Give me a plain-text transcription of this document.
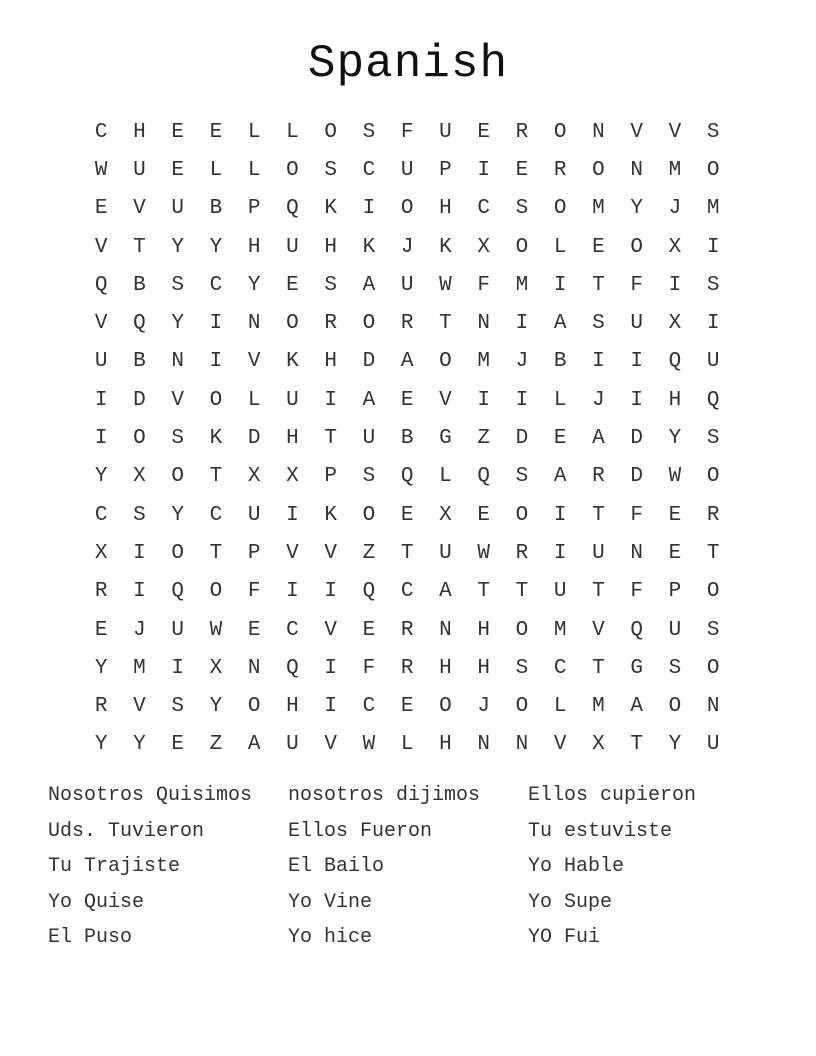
Spanish
C	H	E	E	L	L	O	S	F	U	E	R	O	N	V	V	S
W	U	E	L	L	O	S	C	U	P	I	E	R	O	N	M	O
E	V	U	B	P	Q	K	I	O	H	C	S	O	M	Y	J	M
V	T	Y	Y	H	U	H	K	J	K	X	O	L	E	O	X	I
Q	B	S	C	Y	E	S	A	U	W	F	M	I	T	F	I	S
V	Q	Y	I	N	O	R	O	R	T	N	I	A	S	U	X	I
U	B	N	I	V	K	H	D	A	O	M	J	B	I	I	Q	U
I	D	V	O	L	U	I	A	E	V	I	I	L	J	I	H	Q
I	O	S	K	D	H	T	U	B	G	Z	D	E	A	D	Y	S
Y	X	O	T	X	X	P	S	Q	L	Q	S	A	R	D	W	O
C	S	Y	C	U	I	K	O	E	X	E	O	I	T	F	E	R
X	I	O	T	P	V	V	Z	T	U	W	R	I	U	N	E	T
R	I	Q	O	F	I	I	Q	C	A	T	T	U	T	F	P	O
E	J	U	W	E	C	V	E	R	N	H	O	M	V	Q	U	S
Y	M	I	X	N	Q	I	F	R	H	H	S	C	T	G	S	O
R	V	S	Y	O	H	I	C	E	O	J	O	L	M	A	O	N
Y	Y	E	Z	A	U	V	W	L	H	N	N	V	X	T	Y	U
Nosotros Quisimos	nosotros dijimos	Ellos cupieron
Uds. Tuvieron	Ellos Fueron	Tu estuviste
Tu Trajiste	El Bailo	Yo Hable
Yo Quise	Yo Vine	Yo Supe
El Puso	Yo hice	YO Fui
